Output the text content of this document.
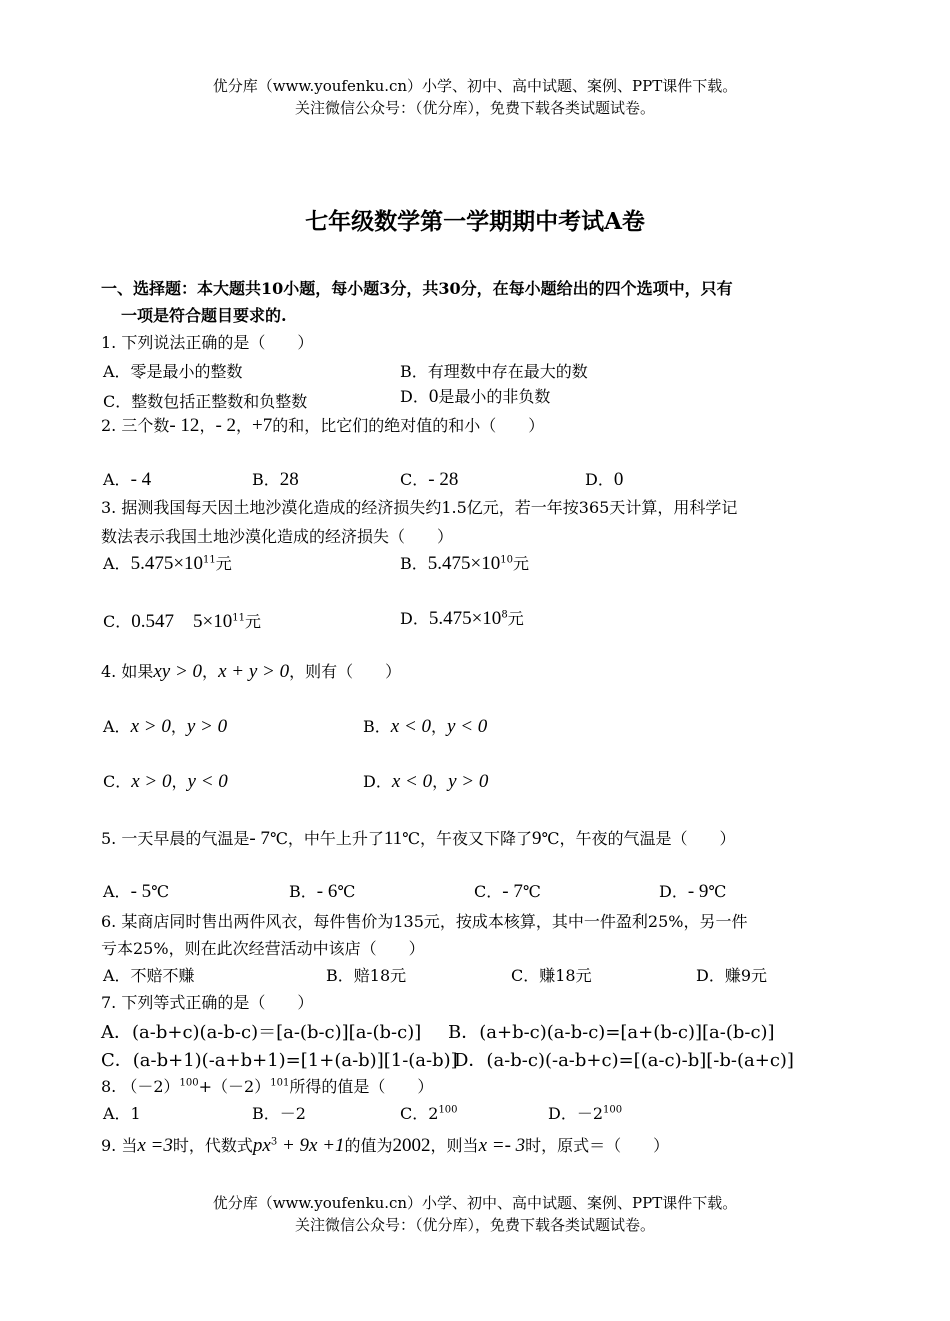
优分库（www.youfenku.cn）小学、初中、高中试题、案例、PPT课件下载。
关注微信公众号：（优分库），免费下载各类试题试卷。
七年级数学第一学期期中考试A卷
一、选择题：本大题共10小题，每小题3分，共30分，在每小题给出的四个选项中，只有
一项是符合题目要求的.
1. 下列说法正确的是（　　）
A．零是最小的整数	B．有理数中存在最大的数
C．整数包括正整数和负整数	D．0是最小的非负数
2. 三个数- 12，- 2，+7的和，比它们的绝对值的和小（　　）
A．- 4	B．28	C．- 28	D．0
3. 据测我国每天因土地沙漠化造成的经济损失约1.5亿元，若一年按365天计算，用科学记
数法表示我国土地沙漠化造成的经济损失（　　）
A．$5.475\times 10^{11}$元	B．$5.475\times 10^{10}$元
C．0.547　$5\times 10^{11}$元	D．$5.475\times 10^8$元
4. 如果xy > 0，x + y > 0，则有（　　）
A．x > 0，y > 0	B．x < 0，y < 0
C．x > 0，y < 0	D．x < 0，y > 0
5. 一天早晨的气温是- 7℃，中午上升了11℃，午夜又下降了9℃，午夜的气温是（　　）
A．- 5℃	B．- 6℃	C．- 7℃	D．- 9℃
6. 某商店同时售出两件风衣，每件售价为135元，按成本核算，其中一件盈利25%，另一件
亏本25%，则在此次经营活动中该店（　　）
A．不赔不赚	B．赔18元	C．赚18元	D．赚9元
7. 下列等式正确的是（　　）
A．(a-b+c)(a-b-c)＝[a-(b-c)][a-(b-c)] B．(a+b-c)(a-b-c)=[a+(b-c)][a-(b-c)]
C．(a-b+1)(-a+b+1)=[1+(a-b)][1-(a-b)]
D．(a-b-c)(-a-b+c)=[(a-c)-b][-b-(a+c)]
8. $(-2)^{100}+(-2)^{101}$所得的值是（　　）
A．1	B．－2	C．$2^{100}$	D．$-2^{100}$
9. 当x =3时，代数式$px^3 + 9x +1$的值为2002，则当x =- 3时，原式＝（　　）
优分库（www.youfenku.cn）小学、初中、高中试题、案例、PPT课件下载。
关注微信公众号：（优分库），免费下载各类试题试卷。
